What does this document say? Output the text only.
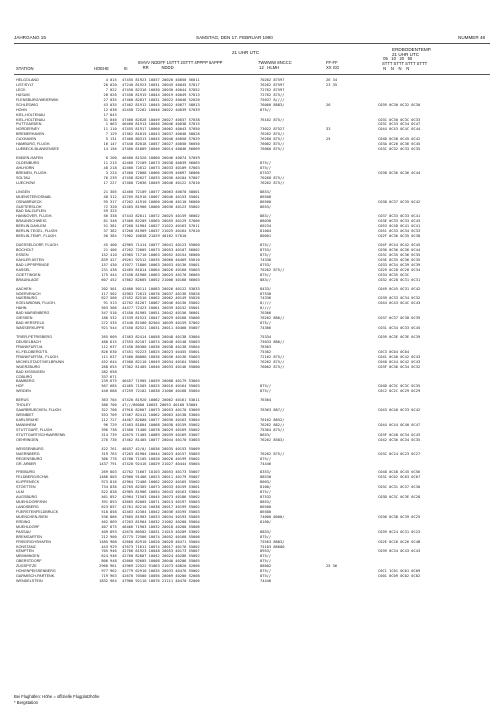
JAHRGANG 15	SAMSTAG, DEN 17. FEBRUAR 1990	NUMMER 48
21 UHR UTC
ERDBODENTEMP.
21 UHR UTC
STATION	HOEHE	III
IIIHVV NDDFF 1STTT 2STTT 4PPPP 5APPP
RR           NDDD
7WWWW 8NCCC
12   HLMH
FF-FF
XX GG
05   10   20   50
STTT STTT STTT STTT
N    N    N    N
HELGOLAND	4 015 47455 81923 10037 20020 40050 56011	7026Z 87597	26 34
LIST/SYLT	26 020 47240 81923 10031 20045 40045 57017	76262 87597	23 35
LECK	7 022 47450 82316 10030 20030 40044 57052	72762 87597
HUSUM	28 026 47458 81915 10044 20019 40049 57013	72762 875//
FLENSBURG/WEIERWIK	27 035 47460 82817 10031 20022 40046 52020	75037 8////
SCHLESWIG	43 035 47462 81912 10045 20022 40077 58013	76060 8883/	26	C039 0C30 0C32 0C30
HOHN	12 038 42458 72202 10046 20022 40039 57039	875//
KIEL-HOLTENAU	17 043
KIEL-HOLTENAU	31 046 47460 82028 10049 20027 40037 57038	76162 875//	C03C 0C30 0C3C 0C33
PUTTGARDEN	1 063 46460 81913 10046 20046 40038 57015	C03C 0C33 0C34 0C47
NORDERNEY	11 110 47455 81917 10060 20062 40043 57050	73022 87527	33	C044 0C43 0C4C 0C44
BREMERHAVEN	7 129 47462 81815 10043 20037 40046 58028	76262 875//
CUXHAVEN	5 131 47460 80313 10045 20040 40050 57029	76260 875//	25	C04D 0C38 0C45 0C42
HAMBURG, FLUGH.	16 147 47440 82018 10057 20027 40050 56050	76062 875//	C03A 0C26 0C36 0C45
LUEBECK-BLANKENSEE	14 156 47460 81809 10046 20014 40046 56009	76060 875//	C03C 0C32 0C33 0C35
EMDEN-HAFEN	0 200 46460 81520 10060 20046 40074 57059
OLDENBURG	11 215 42460 72109 10073 20038 40039 56003	875//
AHLHORN	48 218 42460 72012 10073 20033 40109 57003	875//
BREMEN, FLUGH.	3 224 47460 72008 10066 20039 40097 56006	87537	C038 0C36 0C36 0C44
SOLTAU	76 239 47458 82027 10033 20036 40104 57007	70260 875//
LUECHOW	17 227 47460 72036 10049 20046 40122 57010	76262 875//
LINGEN	21 305 42460 72109 10077 20063 40070 58001	8853/
MUENSTER/OSNAB.	48 312 42765 81910 10067 20046 40153 55001	86500
OSNABRUECK	95 317 47262 41910 10060 20040 40110 56000	86500	C038 0C37 0C35 0C42
GUETERSLOH	72 320 42465 81906 10060 20036 40123 55002	8653/
BAD SALZUFLEN	59 325
HANNOVER, FLUGH.	56 338 47443 82011 10072 20025 40159 56002	883//	C037 0C33 0C33 0C41
BRAUNSCHWEIG	81 348 47460 82209 10065 20055 40129 57006	88030	C03E 0C33 0C33 0C43
BERLIN-DAHLEM	51 381 47260 51904 10027 21022 40163 57011	60234	C053 0C4D 0C41 0C41
BERLIN-TEGEL, FLUGH.	37 382 47260 81909 10037 21025 40164 57010	81004	C051 0C33 0C34 0C33
BERLIN-TEMP., FLUGH.	50 384 71902 10038 21029 40162 57010	80001	C02F 0C36 0C35 0C38
DUESSELDORF, FLUGH.	45 400 42965 71414 10077 20041 40123 55060	875//	C04F 0C44 0C42 0C45
BOCHOLT	21 406 47262 72005 10073 20053 40107 56002	8753/	C036 0C36 0C36 0C44
ESSEN	152 410 42965 71710 10063 20052 40154 56000	875//	C03C 0C35 0C36 0C35
KAHLER ASTEN	839 427 49261 92512 10035 20060 40469 55010	74336	C03E 0C35 0C36 0C35
BAD LIPPSPRINGE	157 430 47077 71806 10063 20053 40136 55001	8753/	C033 0C34 0C39 0C39
KASSEL	231 438 42465 81814 10064 20026 40160 55003	76262 875//	C029 0C28 0C28 0C34
GOETTINGEN	175 444 47458 81908 10063 20025 40176 56005	875//	C034 0C35 0C3C
BRAUNLAGE	607 452 47662 82605 10052 21008 40168 56003	883//	C032 0C28 0C31 0C31
AACHEN	202 501 42460 50111 10083 20026 40122 53033	8433/	C049 0C45 0C31 0C42
NOERVENICH	117 502 42963 72013 10076 20037 40136 55026	87530
NUERBURG	627 506 47452 82510 10062 20062 40149 55026	74336	C039 0C33 0C34 0C32
KOELN/BONN, FLUGH.	91 513 42762 81207 10087 20046 40136 55002	8////	C044 0C43 0C4C 0C43
HAHN	503 506 44477 72423 10061 20039 40152 55001	8////
BAD MARIENBERG	547 516 47450 81905 10051 20042 40156 56001	76366
GIESSEN	186 532 47439 81523 10047 20029 40168 55006	76262 886//	C037 0C37 0C38 0C39
BAD HERSFELD	272 535 47440 81500 82504 10039 40159 57002	875//
WASSERKUPPE	921 544 47450 82521 10031 20011 40468 55007	74366	C031 0C34 0C33 0C45
TRIER-PETRISBERG	265 609 47463 82414 10058 20048 40138 53004	75334	C039 0C3E 0C3E 0C39
DEUSELBACH	480 615 47553 82107 10074 20048 40148 55003	75033 886//
FRANKFURT-M.	112 637 47450 80300 10036 20038 40138 55004	78363
KL.FELDBERG/TS.	826 630 47451 92223 10025 20023 40455 55001	75362	C0C3 0C04 0C04
FRANKFURT/M., FLUGH.	111 637 47460 80000 10036 20030 40136 55003	72162 875//	C041 0C40 0C42 0C43
MICHELSTADT/VIELBRUNN	452 644 47460 82110 10049 20034 40164 55001	76262 875//	C040 0C44 0C42 0C43
WUERZBURG	268 655 47362 81405 10046 20033 40146 55000	76062 875//	C03F 0C36 0C34 0C32
BAD KISSINGEN	282 658
COBURG	337 671
BAMBERG	239 675 46457 71905 10039 20008 40179 53005
HOF	567 685 42465 71505 10025 20016 40164 55003	875//	C04D 0C3C 0C3C 0C35
WEIDEN	440 688 47259 72102 10038 21006 40168 55004	875//	C0C2 0C2C 0C29 0C29
BERUS	363 704 47420 81920 10062 20062 40161 53011	76364
THOLEY	386 706 47///86000 10053 20053 40160 53004
SAARBRUECKEN, FLUGH.	322 708 47916 82007 10073 20053 40170 53009	76363 887//	C043 0C40 0C33 0C42
WEINBIET	553 709 47467 82412 10062 20063 40138 53004
KARLSRUHE	112 727 44467 82000 10077 20030 40163 53004	76162 8852/
MANNHEIM	96 729 47463 81804 10068 20038 40159 55002	76262 882//	C044 0C44 0C40 0C47
STUTTGART, FLUGH.	396 738 47460 71406 10078 20029 40169 55002	75364 875//
STUTTGART/SCHNARRENB.	314 739 42675 71405 10089 20039 40169 53007	8653/	C03F 0C48 0C34 0C43
OEHRINGEN	276 736 47462 81405 10077 20044 40170 53003	76262 8583/	C042 0C36 0C34 0C35
WEISSENBURG	422 761 46457 42/0/ 10036 20035 40153 55009
NUERNBERG	319 763 47263 81904 10044 20023 40157 55003	76262 875//	C03C 0C24 0C23 0C27
REGENSBURG	366 776 42780 71105 10028 20026 40199 55002	875//
GR. ARBER	1437 791 47420 92416 10029 21027 40444 55004	74446
FREIBURG	269 803 42762 71607 10103 20053 40173 55007	8353/	C048 0C48 0C45 0C56
FELDBERG/SCHW.	1486 803 42960 91406 10023 20011 40179 55007	88530	C031 0C02 0C03 0C07
KLIPPENECK	973 816 42964 72406 10062 20022 40165 55002	8003/
STOETTEN	734 836 42765 82305 10073 20033 40159 53001	8100/	C03C 0C31 0C37 0C30
ULM	522 838 42965 81906 10054 20043 40163 53004	875//
AUGSBURG	461 852 42964 71503 10045 20073 40186 55002	87532	C03D 0C3C 0C3E 0C28
MUEHLDORF/INN	391 853 42665 82005 10071 20013 40197 55003	8853/
LANDSBERG	623 857 42761 82210 10038 20017 40199 55002	86500
FUERSTENFELDBRUCK	518 858 42463 42304 10042 20036 40195 55003	86500
MUENCHEN-RIEM	536 866 47665 81903 10033 20034 40193 55005	74000 8000/	C036 0C38 0C39 0C25
ERDING	462 869 47263 81904 10032 21002 40200 55004	8100/
MUEHLDORF	407 875 46466 71903 10032 20010 40200 55006
PASSAU	409 893 42670 80502 10031 21015 40209 53002	8853/	C039 0C24 0C31 0C23
BREMGARTEN	212 900 42775 72506 10074 20052 40160 55006	875//
FRIEDRICHSHAFEN	1485 908 42660 82910 10020 20020 40471 55004	75563 8883/	C02E 0C26 0C26 0C4B
KONSTANZ	443 929 47673 71611 10074 20017 40176 55002	75103 86600
KEMPTEN	705 946 42766 81923 10048 20053 40173 55007	8953/	C039 0C34 0C43 0C43
MEMMINGEN	624 946 42760 82007 10042 20024 40206 55002	875//
OBERSTDORF	806 948 42660 92605 10008 20046 40206 55005	875//
ZUGSPITZE	2960 961 42969 22522 91063 21073 40820 52006	88002	25 36
HOHENPEISSENBERG	977 962 42779 62910 10035 20033 40470 55002	875//	C0C1 1C01 0C01 0C09
GARMISCH-PARTENK.	719 963 42670 70500 10056 20069 40200 52008	875//	C001 0C09 0C02 0C02
WENDELSTEIN	1832 964 47900 92110 10076 21211 40470 52006	74446
Bei Flughäfen: Höhe = offizielle Flugplatzhöhe
* Bergstation
